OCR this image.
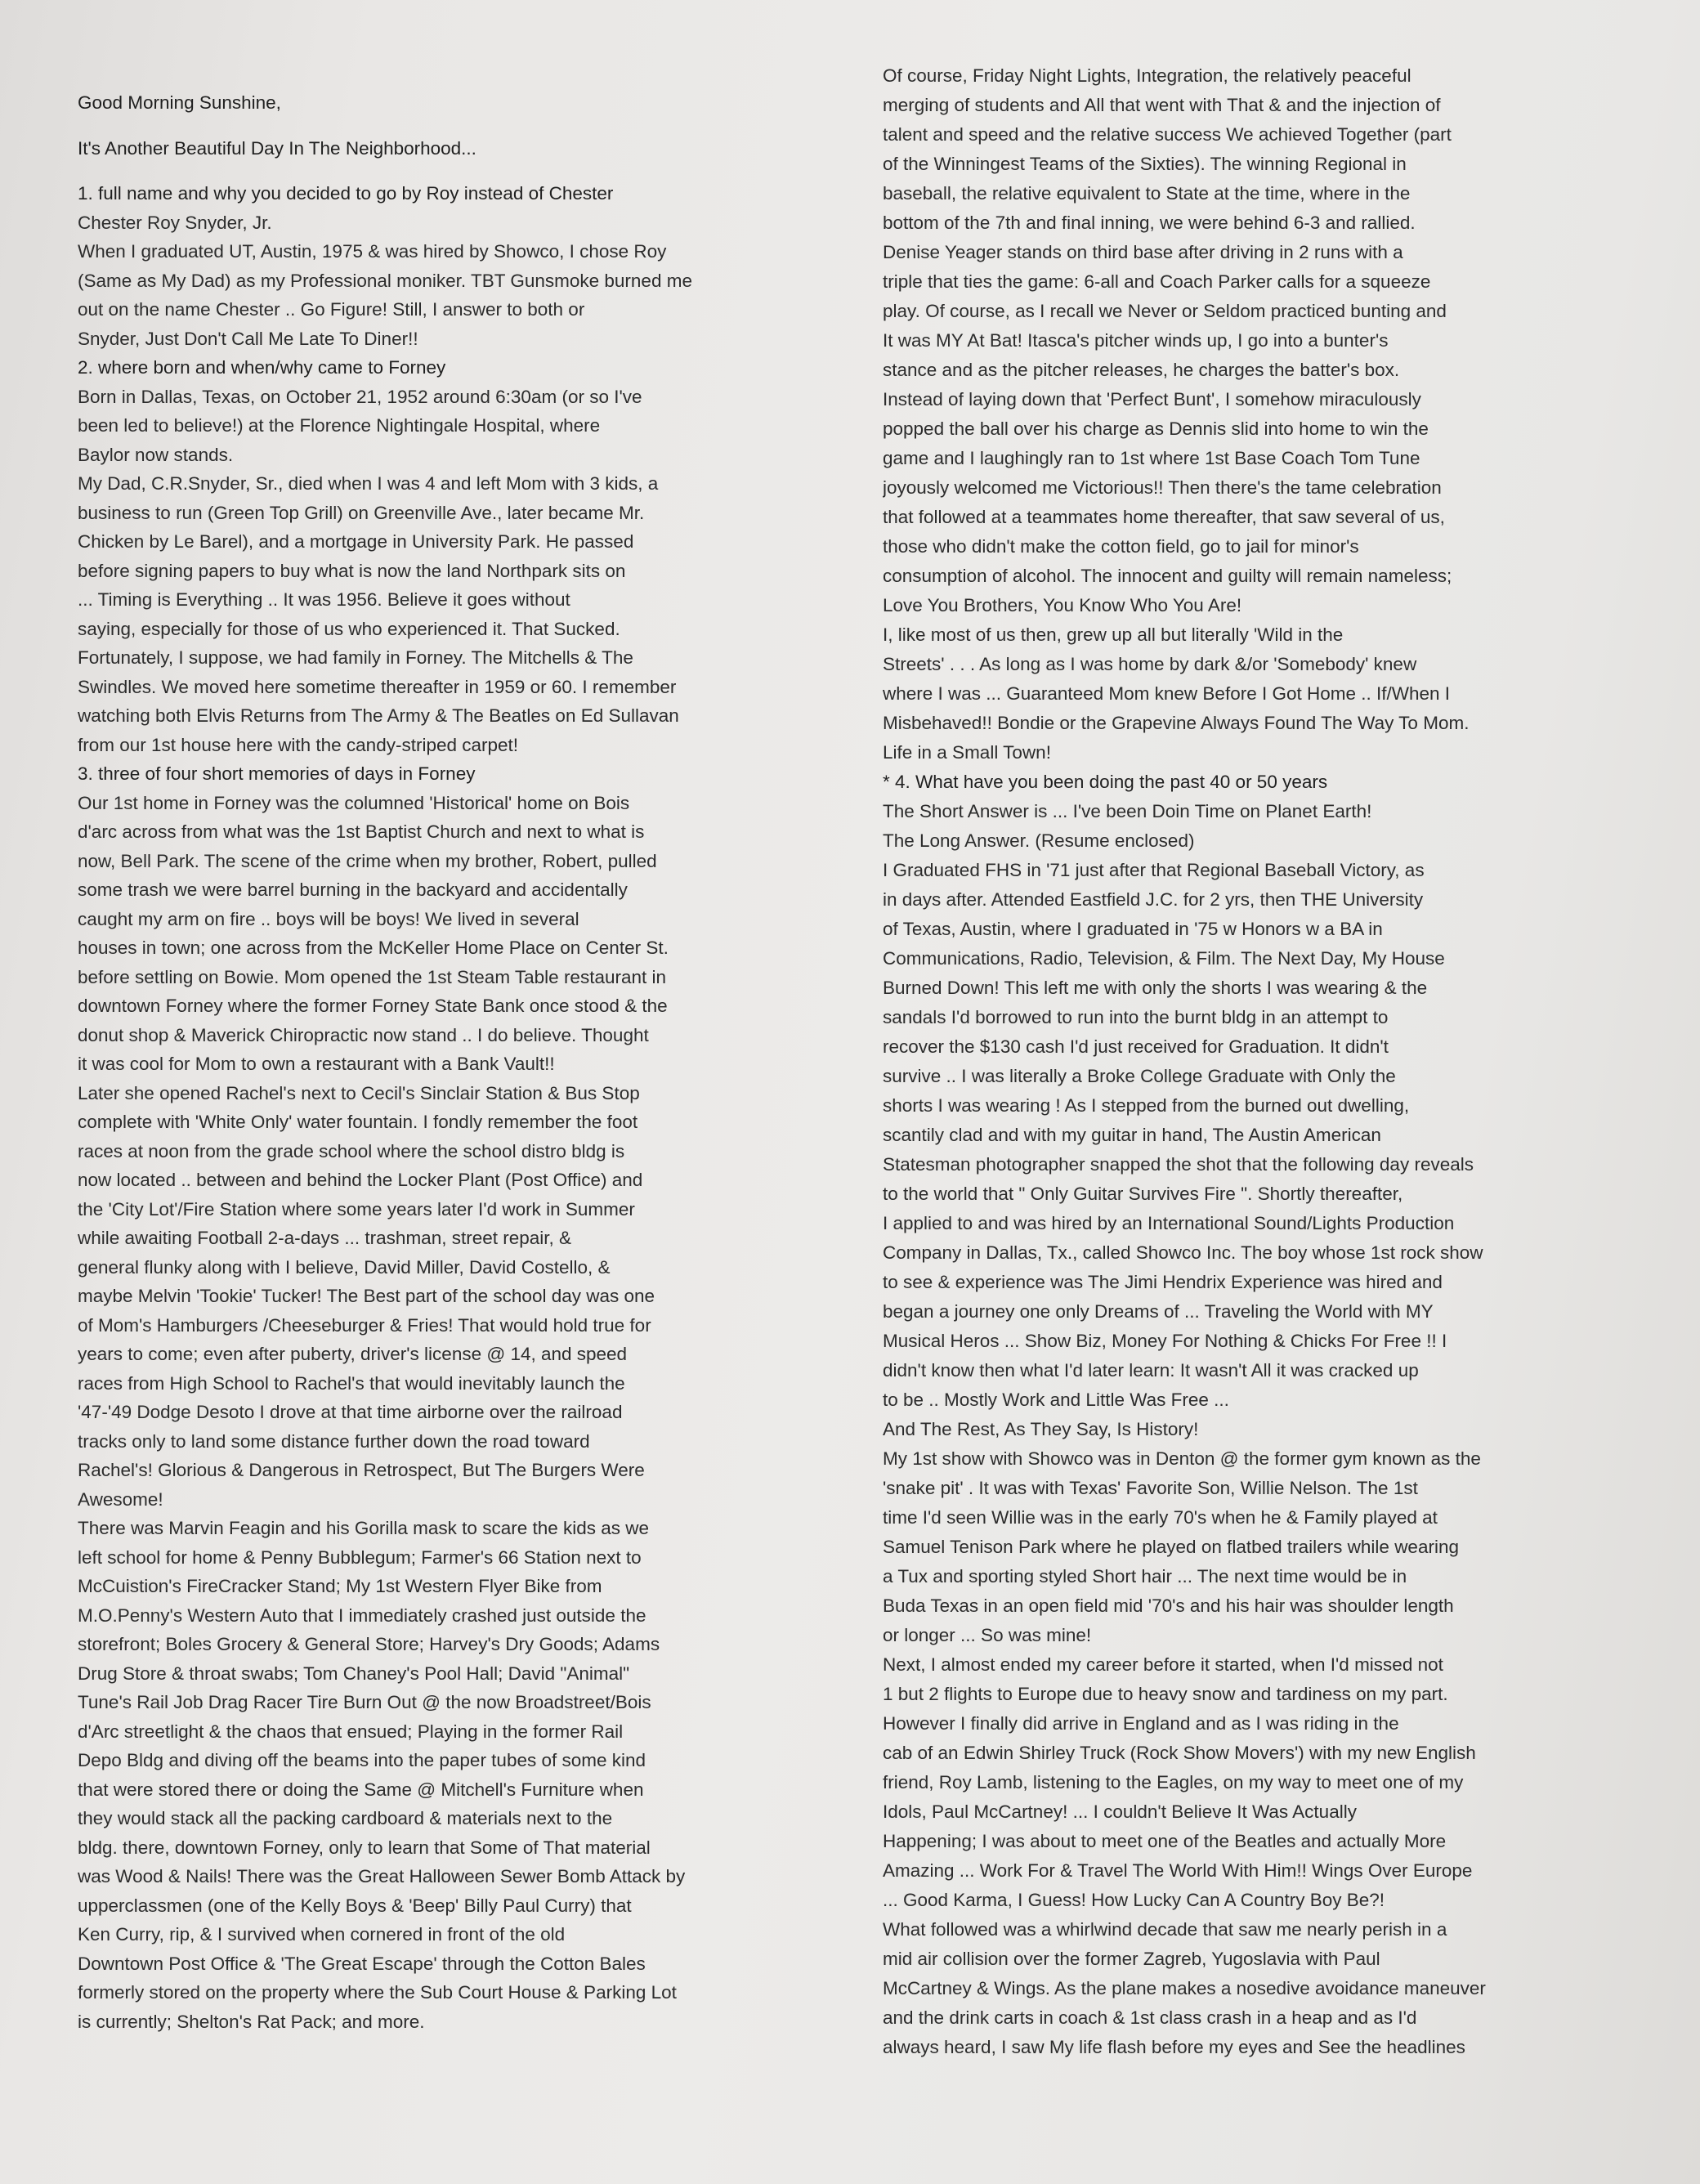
Good Morning Sunshine,
It's Another Beautiful Day In The Neighborhood...
1. full name and why you decided to go by Roy instead of Chester
Chester Roy Snyder, Jr.
When I graduated UT, Austin, 1975 & was hired by Showco, I chose Roy
(Same as My Dad) as my Professional moniker. TBT Gunsmoke burned me
out on the name Chester .. Go Figure! Still, I answer to both or
Snyder, Just Don't Call Me Late To Diner!!
2. where born and when/why came to Forney
Born in Dallas, Texas, on October 21, 1952 around 6:30am (or so I've
been led to believe!) at the Florence Nightingale Hospital, where
Baylor now stands.
My Dad, C.R.Snyder, Sr., died when I was 4 and left Mom with 3 kids, a
business to run (Green Top Grill) on Greenville Ave., later became Mr.
Chicken by Le Barel), and a mortgage in University Park. He passed
before signing papers to buy what is now the land Northpark sits on
... Timing is Everything .. It was 1956. Believe it goes without
saying, especially for those of us who experienced it. That Sucked.
Fortunately, I suppose, we had family in Forney. The Mitchells & The
Swindles. We moved here sometime thereafter in 1959 or 60. I remember
watching both Elvis Returns from The Army & The Beatles on Ed Sullavan
from our 1st house here with the candy-striped carpet!
3. three of four short memories of days in Forney
Our 1st home in Forney was the columned 'Historical' home on Bois
d'arc across from what was the 1st Baptist Church and next to what is
now, Bell Park. The scene of the crime when my brother, Robert, pulled
some trash we were barrel burning in the backyard and accidentally
caught my arm on fire .. boys will be boys! We lived in several
houses in town; one across from the McKeller Home Place on Center St.
before settling on Bowie. Mom opened the 1st Steam Table restaurant in
downtown Forney where the former Forney State Bank once stood & the
donut shop & Maverick Chiropractic now stand .. I do believe. Thought
it was cool for Mom to own a restaurant with a Bank Vault!!
Later she opened Rachel's next to Cecil's Sinclair Station & Bus Stop
complete with 'White Only' water fountain. I fondly remember the foot
races at noon from the grade school where the school distro bldg is
now located .. between and behind the Locker Plant (Post Office) and
the 'City Lot'/Fire Station where some years later I'd work in Summer
while awaiting Football 2-a-days ... trashman, street repair, &
general flunky along with I believe, David Miller, David Costello, &
maybe Melvin 'Tookie' Tucker! The Best part of the school day was one
of Mom's Hamburgers /Cheeseburger & Fries! That would hold true for
years to come; even after puberty, driver's license @ 14, and speed
races from High School to Rachel's that would inevitably launch the
'47-'49 Dodge Desoto I drove at that time airborne over the railroad
tracks only to land some distance further down the road toward
Rachel's! Glorious & Dangerous in Retrospect, But The Burgers Were
Awesome!
There was Marvin Feagin and his Gorilla mask to scare the kids as we
left school for home & Penny Bubblegum; Farmer's 66 Station next to
McCuistion's FireCracker Stand; My 1st Western Flyer Bike from
M.O.Penny's Western Auto that I immediately crashed just outside the
storefront; Boles Grocery & General Store; Harvey's Dry Goods; Adams
Drug Store & throat swabs; Tom Chaney's Pool Hall; David "Animal"
Tune's Rail Job Drag Racer Tire Burn Out @ the now Broadstreet/Bois
d'Arc streetlight & the chaos that ensued; Playing in the former Rail
Depo Bldg and diving off the beams into the paper tubes of some kind
that were stored there or doing the Same @ Mitchell's Furniture when
they would stack all the packing cardboard & materials next to the
bldg. there, downtown Forney, only to learn that Some of That material
was Wood & Nails! There was the Great Halloween Sewer Bomb Attack by
upperclassmen (one of the Kelly Boys & 'Beep' Billy Paul Curry) that
Ken Curry, rip, & I survived when cornered in front of the old
Downtown Post Office & 'The Great Escape' through the Cotton Bales
formerly stored on the property where the Sub Court House & Parking Lot
is currently; Shelton's Rat Pack; and more.
Of course, Friday Night Lights, Integration, the relatively peaceful
merging of students and All that went with That & and the injection of
talent and speed and the relative success We achieved Together (part
of the Winningest Teams of the Sixties). The winning Regional in
baseball, the relative equivalent to State at the time, where in the
bottom of the 7th and final inning, we were behind 6-3 and rallied.
Denise Yeager stands on third base after driving in 2 runs with a
triple that ties the game: 6-all and Coach Parker calls for a squeeze
play. Of course, as I recall we Never or Seldom practiced bunting and
It was MY At Bat! Itasca's pitcher winds up, I go into a bunter's
stance and as the pitcher releases, he charges the batter's box.
Instead of laying down that 'Perfect Bunt', I somehow miraculously
popped the ball over his charge as Dennis slid into home to win the
game and I laughingly ran to 1st where 1st Base Coach Tom Tune
joyously welcomed me Victorious!! Then there's the tame celebration
that followed at a teammates home thereafter, that saw several of us,
those who didn't make the cotton field, go to jail for minor's
consumption of alcohol. The innocent and guilty will remain nameless;
Love You Brothers, You Know Who You Are!
I, like most of us then, grew up all but literally 'Wild in the
Streets' . . . As long as I was home by dark &/or 'Somebody' knew
where I was ... Guaranteed Mom knew Before I Got Home .. If/When I
Misbehaved!! Bondie or the Grapevine Always Found The Way To Mom.
Life in a Small Town!
* 4. What have you been doing the past 40 or 50 years
The Short Answer is ... I've been Doin Time on Planet Earth!
The Long Answer. (Resume enclosed)
I Graduated FHS in '71 just after that Regional Baseball Victory, as
in days after. Attended Eastfield J.C. for 2 yrs, then THE University
of Texas, Austin, where I graduated in '75 w Honors w a BA in
Communications, Radio, Television, & Film. The Next Day, My House
Burned Down! This left me with only the shorts I was wearing & the
sandals I'd borrowed to run into the burnt bldg in an attempt to
recover the $130 cash I'd just received for Graduation. It didn't
survive .. I was literally a Broke College Graduate with Only the
shorts I was wearing ! As I stepped from the burned out dwelling,
scantily clad and with my guitar in hand, The Austin American
Statesman photographer snapped the shot that the following day reveals
to the world that " Only Guitar Survives Fire ". Shortly thereafter,
I applied to and was hired by an International Sound/Lights Production
Company in Dallas, Tx., called Showco Inc. The boy whose 1st rock show
to see & experience was The Jimi Hendrix Experience was hired and
began a journey one only Dreams of ... Traveling the World with MY
Musical Heros ... Show Biz, Money For Nothing & Chicks For Free !! I
didn't know then what I'd later learn: It wasn't All it was cracked up
to be .. Mostly Work and Little Was Free ...
And The Rest, As They Say, Is History!
My 1st show with Showco was in Denton @ the former gym known as the
'snake pit' . It was with Texas' Favorite Son, Willie Nelson. The 1st
time I'd seen Willie was in the early 70's when he & Family played at
Samuel Tenison Park where he played on flatbed trailers while wearing
a Tux and sporting styled Short hair ... The next time would be in
Buda Texas in an open field mid '70's and his hair was shoulder length
or longer ... So was mine!
Next, I almost ended my career before it started, when I'd missed not
1 but 2 flights to Europe due to heavy snow and tardiness on my part.
However I finally did arrive in England and as I was riding in the
cab of an Edwin Shirley Truck (Rock Show Movers') with my new English
friend, Roy Lamb, listening to the Eagles, on my way to meet one of my
Idols, Paul McCartney! ... I couldn't Believe It Was Actually
Happening; I was about to meet one of the Beatles and actually More
Amazing ... Work For & Travel The World With Him!! Wings Over Europe
... Good Karma, I Guess! How Lucky Can A Country Boy Be?!
What followed was a whirlwind decade that saw me nearly perish in a
mid air collision over the former Zagreb, Yugoslavia with Paul
McCartney & Wings. As the plane makes a nosedive avoidance maneuver
and the drink carts in coach & 1st class crash in a heap and as I'd
always heard, I saw My life flash before my eyes and See the headlines
